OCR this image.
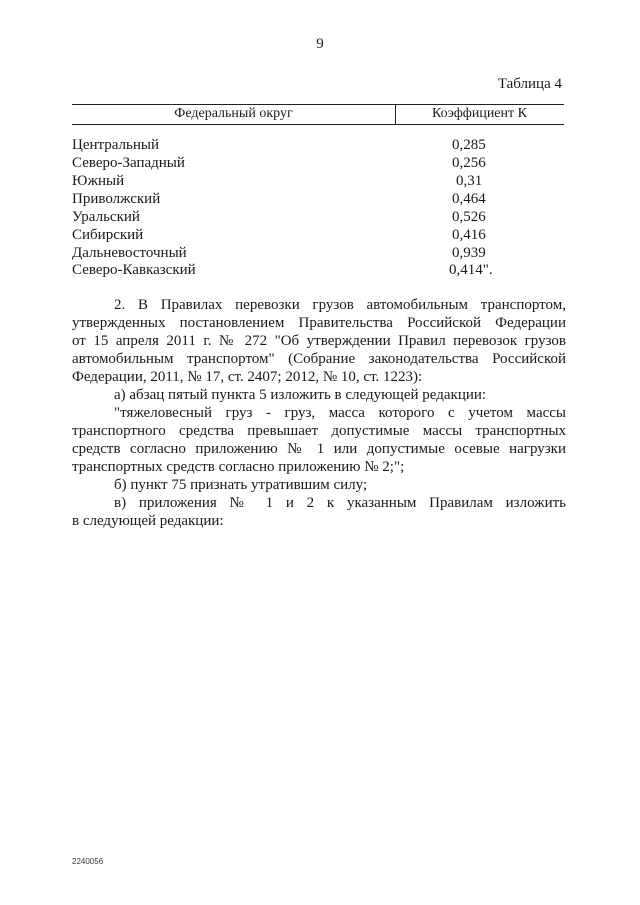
9
Таблица 4
Федеральный округ	Коэффициент К
Центральный	0,285
Северо-Западный	0,256
Южный	0,31
Приволжский	0,464
Уральский	0,526
Сибирский	0,416
Дальневосточный	0,939
Северо-Кавказский	0,414".
2. В Правилах перевозки грузов автомобильным транспортом,
утвержденных постановлением Правительства Российской Федерации
от 15 апреля 2011 г. № 272 "Об утверждении Правил перевозок грузов
автомобильным транспортом" (Собрание законодательства Российской
Федерации, 2011, № 17, ст. 2407; 2012, № 10, ст. 1223):
а) абзац пятый пункта 5 изложить в следующей редакции:
"тяжеловесный груз - груз, масса которого с учетом массы
транспортного средства превышает допустимые массы транспортных
средств согласно приложению № 1 или допустимые осевые нагрузки
транспортных средств согласно приложению № 2;";
б) пункт 75 признать утратившим силу;
в) приложения № 1 и 2 к указанным Правилам изложить
в следующей редакции:
2240056
